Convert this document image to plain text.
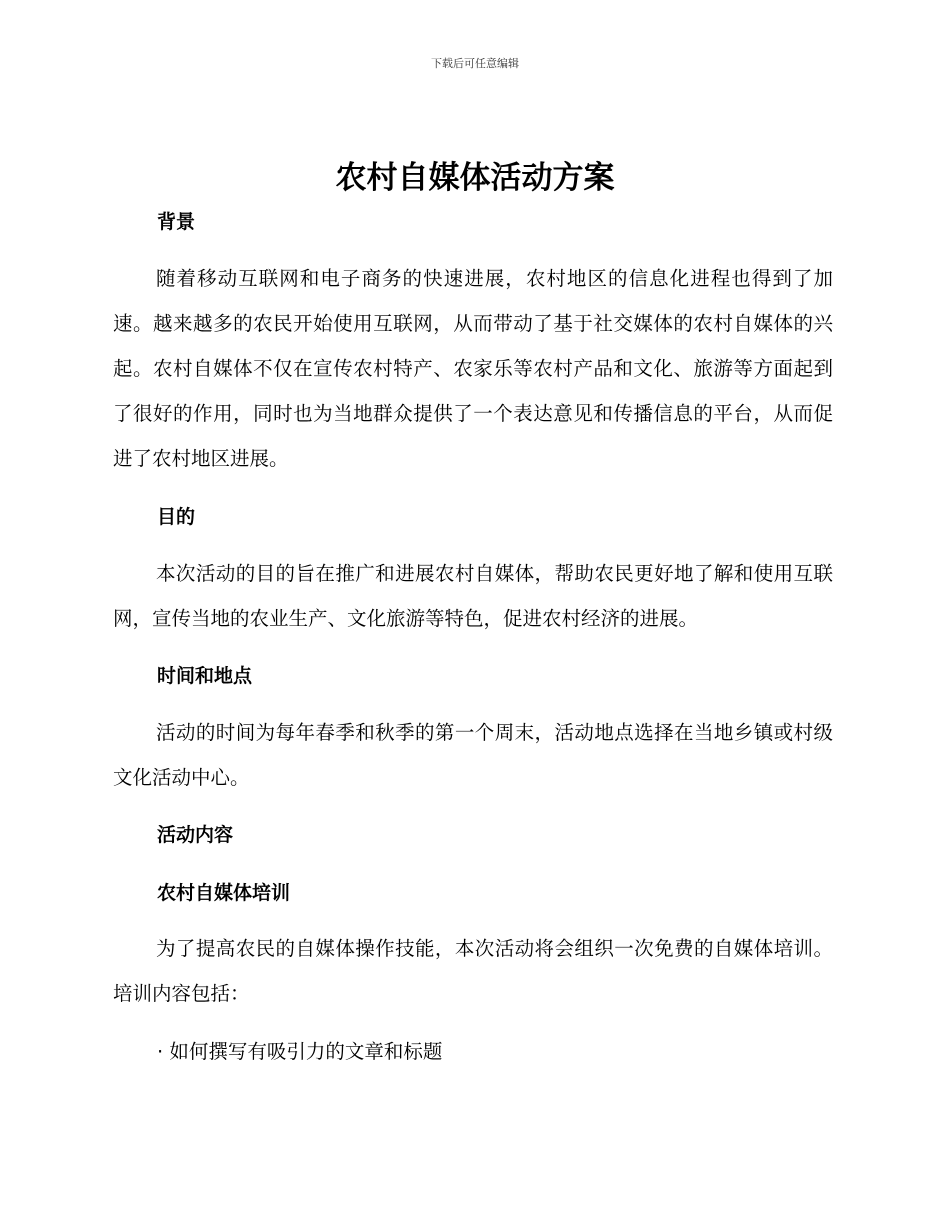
下载后可任意编辑
农村自媒体活动方案
背景
随着移动互联网和电子商务的快速进展，农村地区的信息化进程也得到了加速。越来越多的农民开始使用互联网，从而带动了基于社交媒体的农村自媒体的兴起。农村自媒体不仅在宣传农村特产、农家乐等农村产品和文化、旅游等方面起到了很好的作用，同时也为当地群众提供了一个表达意见和传播信息的平台，从而促进了农村地区进展。
目的
本次活动的目的旨在推广和进展农村自媒体，帮助农民更好地了解和使用互联网，宣传当地的农业生产、文化旅游等特色，促进农村经济的进展。
时间和地点
活动的时间为每年春季和秋季的第一个周末，活动地点选择在当地乡镇或村级文化活动中心。
活动内容
农村自媒体培训
为了提高农民的自媒体操作技能，本次活动将会组织一次免费的自媒体培训。培训内容包括：
· 如何撰写有吸引力的文章和标题
